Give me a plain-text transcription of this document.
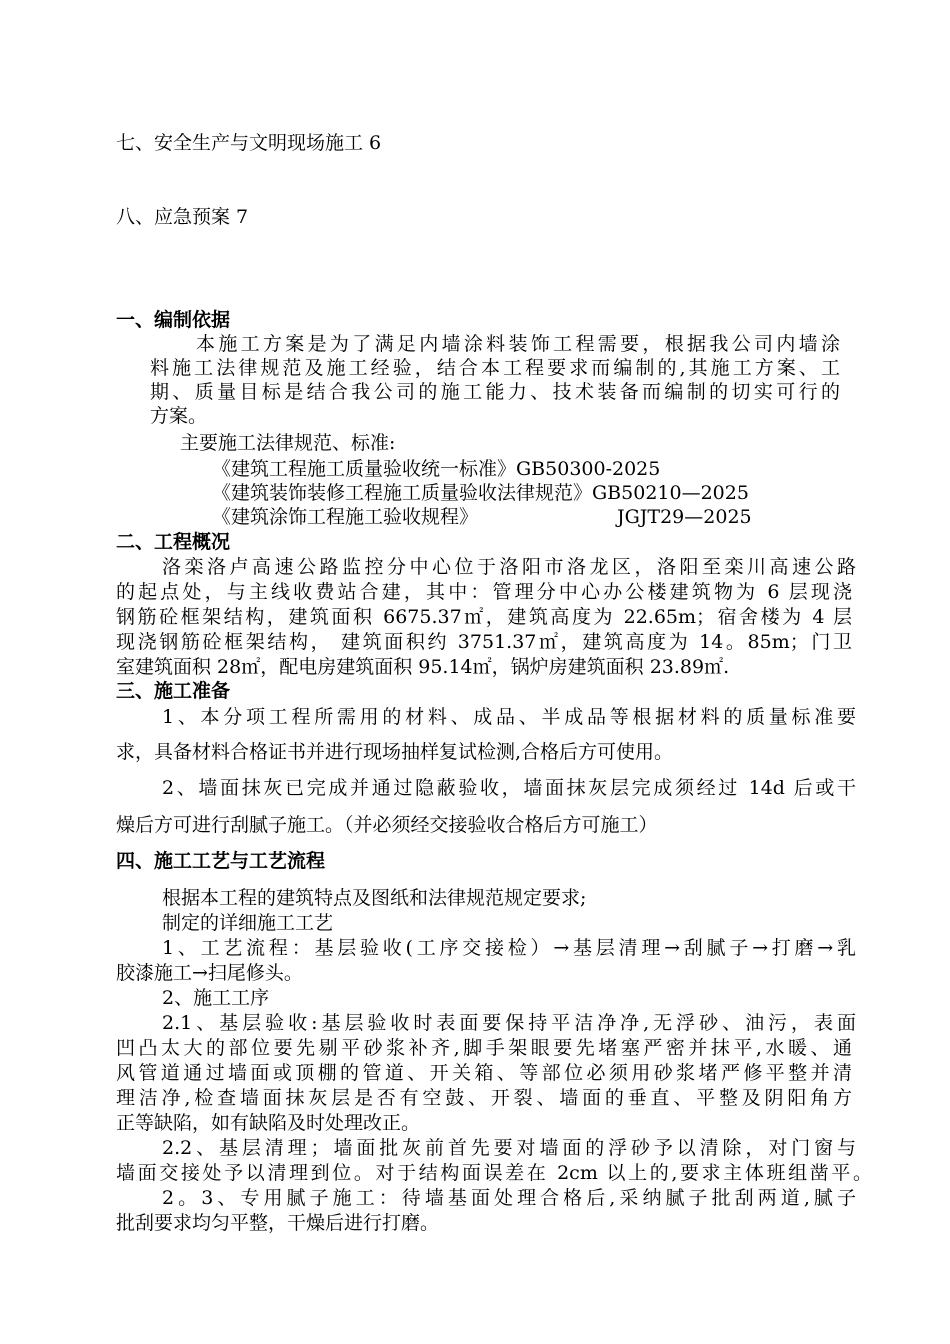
七、安全生产与文明现场施工 6
八、应急预案 7
一、编制依据
本施工方案是为了满足内墙涂料装饰工程需要，根据我公司内墙涂
料施工法律规范及施工经验，结合本工程要求而编制的,其施工方案、工
期、质量目标是结合我公司的施工能力、技术装备而编制的切实可行的
方案。
主要施工法律规范、标准:
《建筑工程施工质量验收统一标准》GB50300-2025
《建筑装饰装修工程施工质量验收法律规范》GB50210—2025
《建筑涂饰工程施工验收规程》	JGJT29—2025
二、工程概况
洛栾洛卢高速公路监控分中心位于洛阳市洛龙区，洛阳至栾川高速公路
的起点处，与主线收费站合建，其中：管理分中心办公楼建筑物为 6 层现浇
钢筋砼框架结构，建筑面积 6675.37㎡，建筑高度为 22.65m；宿舍楼为 4 层
现浇钢筋砼框架结构， 建筑面积约 3751.37㎡，建筑高度为 14。85m；门卫
室建筑面积 28㎡，配电房建筑面积 95.14㎡，锅炉房建筑面积 23.89㎡.
三、施工准备
1、本分项工程所需用的材料、成品、半成品等根据材料的质量标准要
求，具备材料合格证书并进行现场抽样复试检测,合格后方可使用。
2、墙面抹灰已完成并通过隐蔽验收，墙面抹灰层完成须经过 14d 后或干
燥后方可进行刮腻子施工。（并必须经交接验收合格后方可施工）
四、施工工艺与工艺流程
根据本工程的建筑特点及图纸和法律规范规定要求;
制定的详细施工工艺
1、工艺流程：基层验收(工序交接检）→基层清理→刮腻子→打磨→乳
胶漆施工→扫尾修头。
2、施工工序
2.1、基层验收:基层验收时表面要保持平洁净净,无浮砂、油污，表面
凹凸太大的部位要先剔平砂浆补齐,脚手架眼要先堵塞严密并抹平,水暖、通
风管道通过墙面或顶棚的管道、开关箱、等部位必须用砂浆堵严修平整并清
理洁净,检查墙面抹灰层是否有空鼓、开裂、墙面的垂直、平整及阴阳角方
正等缺陷，如有缺陷及时处理改正。
2.2、基层清理；墙面批灰前首先要对墙面的浮砂予以清除，对门窗与
墙面交接处予以清理到位。对于结构面误差在 2cm 以上的,要求主体班组凿平。
2。3、专用腻子施工：待墙基面处理合格后,采纳腻子批刮两道,腻子
批刮要求均匀平整，干燥后进行打磨。
